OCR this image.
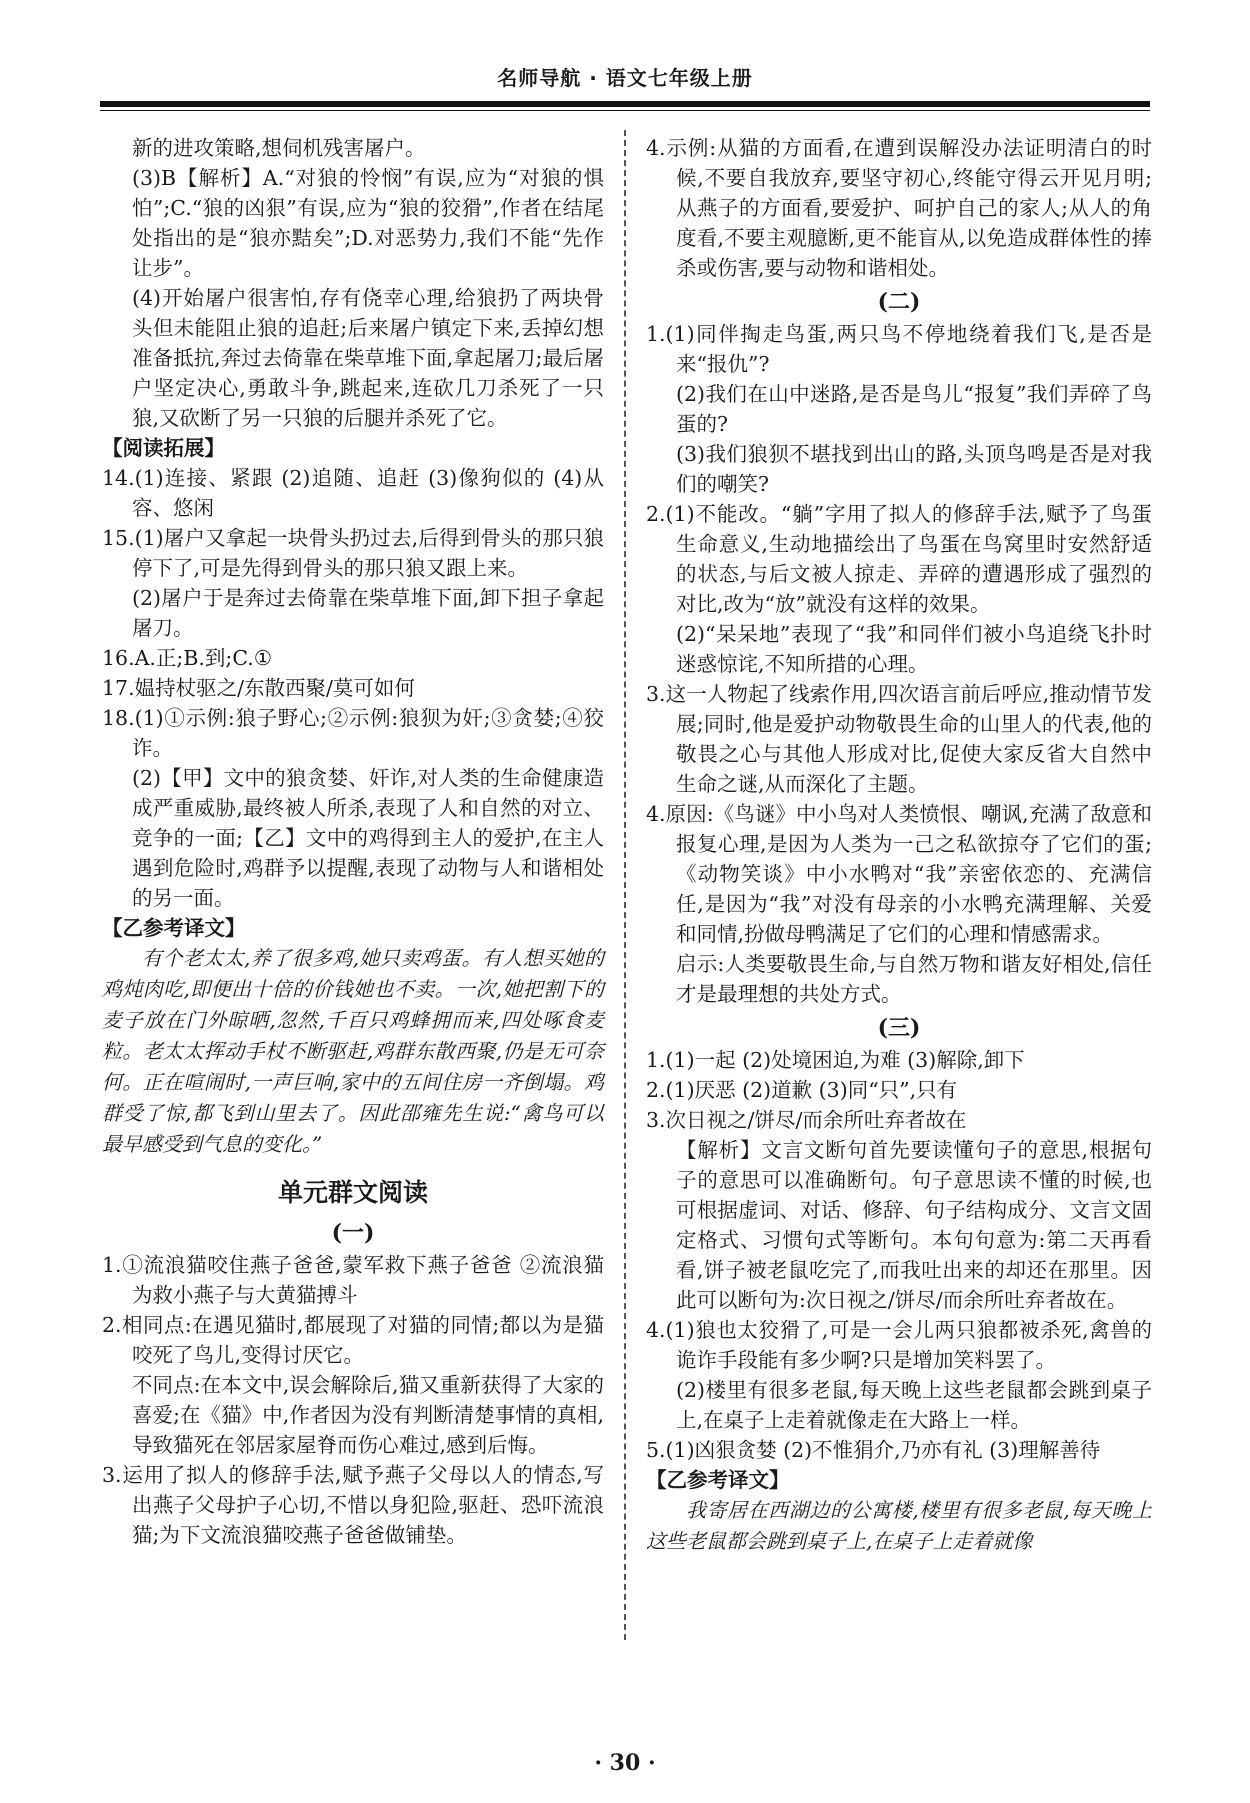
名师导航 · 语文七年级上册

新的进攻策略,想伺机残害屠户。

(3)B【解析】A.“对狼的怜悯”有误,应为“对狼的惧怕”;C.“狼的凶狠”有误,应为“狼的狡猾”,作者在结尾处指出的是“狼亦黠矣”;D.对恶势力,我们不能“先作让步”。

(4)开始屠户很害怕,存有侥幸心理,给狼扔了两块骨头但未能阻止狼的追赶;后来屠户镇定下来,丢掉幻想准备抵抗,奔过去倚靠在柴草堆下面,拿起屠刀;最后屠户坚定决心,勇敢斗争,跳起来,连砍几刀杀死了一只狼,又砍断了另一只狼的后腿并杀死了它。

【阅读拓展】

14.(1)连接、紧跟 (2)追随、追赶 (3)像狗似的 (4)从容、悠闲

15.(1)屠户又拿起一块骨头扔过去,后得到骨头的那只狼停下了,可是先得到骨头的那只狼又跟上来。

(2)屠户于是奔过去倚靠在柴草堆下面,卸下担子拿起屠刀。

16.A.正;B.到;C.①

17.媪持杖驱之/东散西聚/莫可如何

18.(1)①示例:狼子野心;②示例:狼狈为奸;③贪婪;④狡诈。

(2)【甲】文中的狼贪婪、奸诈,对人类的生命健康造成严重威胁,最终被人所杀,表现了人和自然的对立、竞争的一面;【乙】文中的鸡得到主人的爱护,在主人遇到危险时,鸡群予以提醒,表现了动物与人和谐相处的另一面。

【乙参考译文】

有个老太太,养了很多鸡,她只卖鸡蛋。有人想买她的鸡炖肉吃,即便出十倍的价钱她也不卖。一次,她把割下的麦子放在门外晾晒,忽然,千百只鸡蜂拥而来,四处啄食麦粒。老太太挥动手杖不断驱赶,鸡群东散西聚,仍是无可奈何。正在喧闹时,一声巨响,家中的五间住房一齐倒塌。鸡群受了惊,都飞到山里去了。因此邵雍先生说:“禽鸟可以最早感受到气息的变化。”

单元群文阅读

(一)

1.①流浪猫咬住燕子爸爸,蒙军救下燕子爸爸 ②流浪猫为救小燕子与大黄猫搏斗

2.相同点:在遇见猫时,都展现了对猫的同情;都以为是猫咬死了鸟儿,变得讨厌它。

不同点:在本文中,误会解除后,猫又重新获得了大家的喜爱;在《猫》中,作者因为没有判断清楚事情的真相,导致猫死在邻居家屋脊而伤心难过,感到后悔。

3.运用了拟人的修辞手法,赋予燕子父母以人的情态,写出燕子父母护子心切,不惜以身犯险,驱赶、恐吓流浪猫;为下文流浪猫咬燕子爸爸做铺垫。

4.示例:从猫的方面看,在遭到误解没办法证明清白的时候,不要自我放弃,要坚守初心,终能守得云开见月明;从燕子的方面看,要爱护、呵护自己的家人;从人的角度看,不要主观臆断,更不能盲从,以免造成群体性的捧杀或伤害,要与动物和谐相处。

(二)

1.(1)同伴掏走鸟蛋,两只鸟不停地绕着我们飞,是否是来“报仇”?

(2)我们在山中迷路,是否是鸟儿“报复”我们弄碎了鸟蛋的?

(3)我们狼狈不堪找到出山的路,头顶鸟鸣是否是对我们的嘲笑?

2.(1)不能改。“躺”字用了拟人的修辞手法,赋予了鸟蛋生命意义,生动地描绘出了鸟蛋在鸟窝里时安然舒适的状态,与后文被人掠走、弄碎的遭遇形成了强烈的对比,改为“放”就没有这样的效果。

(2)“呆呆地”表现了“我”和同伴们被小鸟追绕飞扑时迷惑惊诧,不知所措的心理。

3.这一人物起了线索作用,四次语言前后呼应,推动情节发展;同时,他是爱护动物敬畏生命的山里人的代表,他的敬畏之心与其他人形成对比,促使大家反省大自然中生命之谜,从而深化了主题。

4.原因:《鸟谜》中小鸟对人类愤恨、嘲讽,充满了敌意和报复心理,是因为人类为一己之私欲掠夺了它们的蛋;《动物笑谈》中小水鸭对“我”亲密依恋的、充满信任,是因为“我”对没有母亲的小水鸭充满理解、关爱和同情,扮做母鸭满足了它们的心理和情感需求。

启示:人类要敬畏生命,与自然万物和谐友好相处,信任才是最理想的共处方式。

(三)

1.(1)一起 (2)处境困迫,为难 (3)解除,卸下

2.(1)厌恶 (2)道歉 (3)同“只”,只有

3.次日视之/饼尽/而余所吐弃者故在

【解析】文言文断句首先要读懂句子的意思,根据句子的意思可以准确断句。句子意思读不懂的时候,也可根据虚词、对话、修辞、句子结构成分、文言文固定格式、习惯句式等断句。本句句意为:第二天再看看,饼子被老鼠吃完了,而我吐出来的却还在那里。因此可以断句为:次日视之/饼尽/而余所吐弃者故在。

4.(1)狼也太狡猾了,可是一会儿两只狼都被杀死,禽兽的诡诈手段能有多少啊?只是增加笑料罢了。

(2)楼里有很多老鼠,每天晚上这些老鼠都会跳到桌子上,在桌子上走着就像走在大路上一样。

5.(1)凶狠贪婪 (2)不惟狷介,乃亦有礼 (3)理解善待

【乙参考译文】

我寄居在西湖边的公寓楼,楼里有很多老鼠,每天晚上这些老鼠都会跳到桌子上,在桌子上走着就像

· 30 ·
